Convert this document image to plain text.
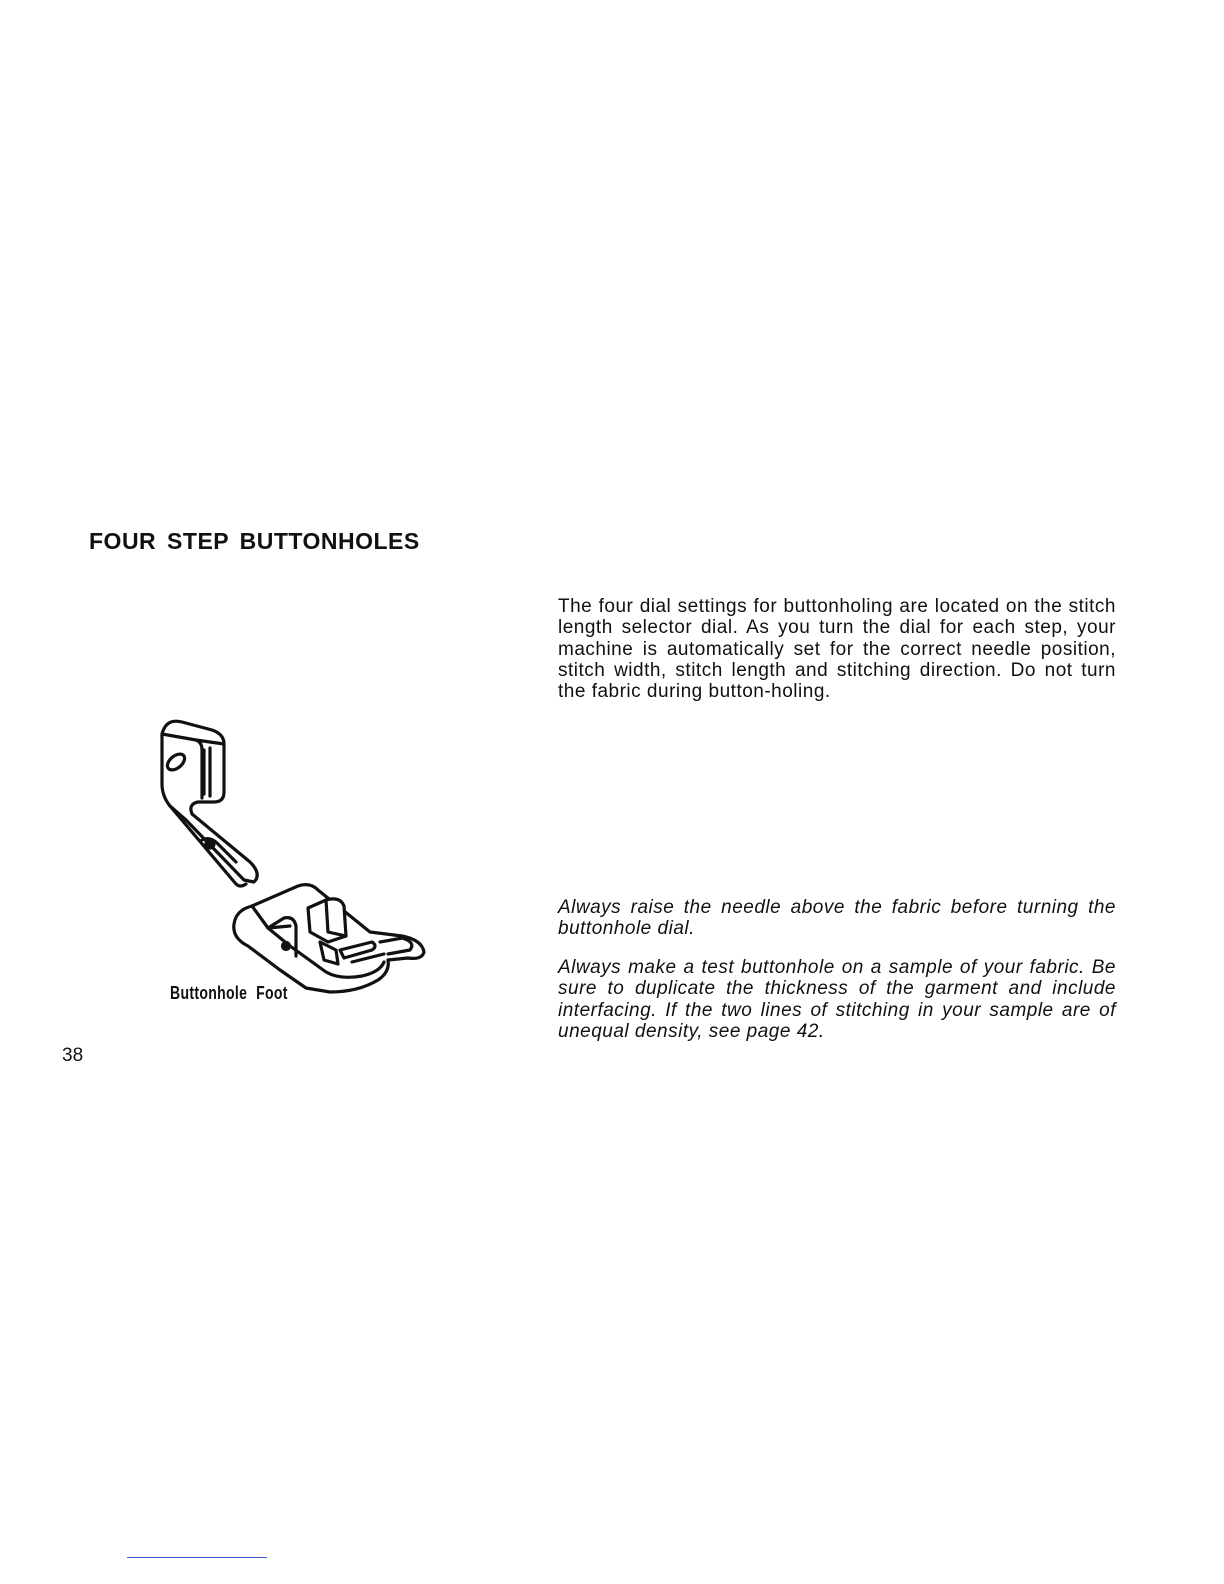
FOUR STEP BUTTONHOLES

The four dial settings for buttonholing are located on the stitch length selector dial. As you turn the dial for each step, your machine is automatically set for the correct needle position, stitch width, stitch length and stitching direction. Do not turn the fabric during button-holing.

Always raise the needle above the fabric before turning the buttonhole dial.

Always make a test buttonhole on a sample of your fabric. Be sure to duplicate the thickness of the garment and include interfacing. If the two lines of stitching in your sample are of unequal density, see page 42.

Buttonhole Foot

38
